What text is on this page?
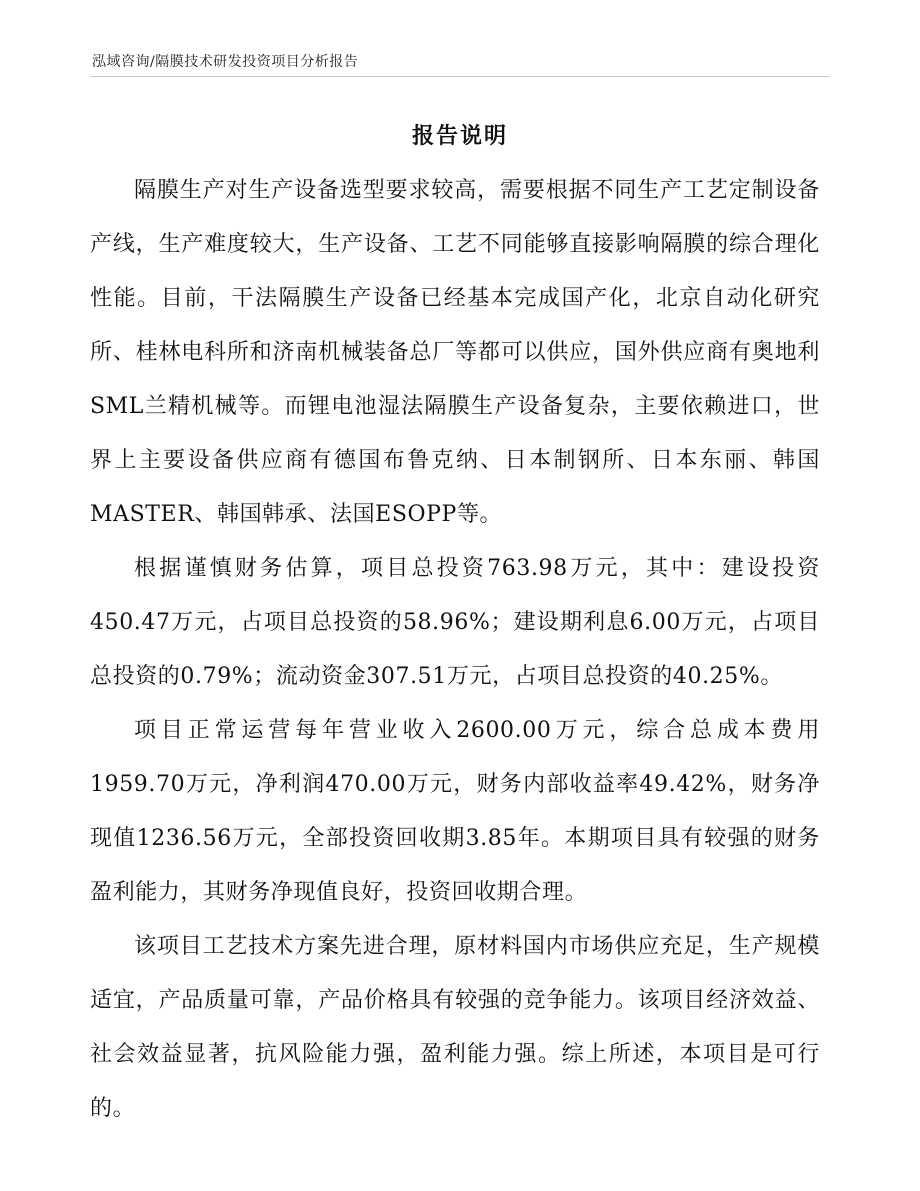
泓域咨询/隔膜技术研发投资项目分析报告
报告说明

隔膜生产对生产设备选型要求较高，需要根据不同生产工艺定制设备产线，生产难度较大，生产设备、工艺不同能够直接影响隔膜的综合理化性能。目前，干法隔膜生产设备已经基本完成国产化，北京自动化研究所、桂林电科所和济南机械装备总厂等都可以供应，国外供应商有奥地利SML兰精机械等。而锂电池湿法隔膜生产设备复杂，主要依赖进口，世界上主要设备供应商有德国布鲁克纳、日本制钢所、日本东丽、韩国MASTER、韩国韩承、法国ESOPP等。

根据谨慎财务估算，项目总投资763.98万元，其中：建设投资450.47万元，占项目总投资的58.96%；建设期利息6.00万元，占项目总投资的0.79%；流动资金307.51万元，占项目总投资的40.25%。

项目正常运营每年营业收入2600.00万元，综合总成本费用1959.70万元，净利润470.00万元，财务内部收益率49.42%，财务净现值1236.56万元，全部投资回收期3.85年。本期项目具有较强的财务盈利能力，其财务净现值良好，投资回收期合理。

该项目工艺技术方案先进合理，原材料国内市场供应充足，生产规模适宜，产品质量可靠，产品价格具有较强的竞争能力。该项目经济效益、社会效益显著，抗风险能力强，盈利能力强。综上所述，本项目是可行的。
